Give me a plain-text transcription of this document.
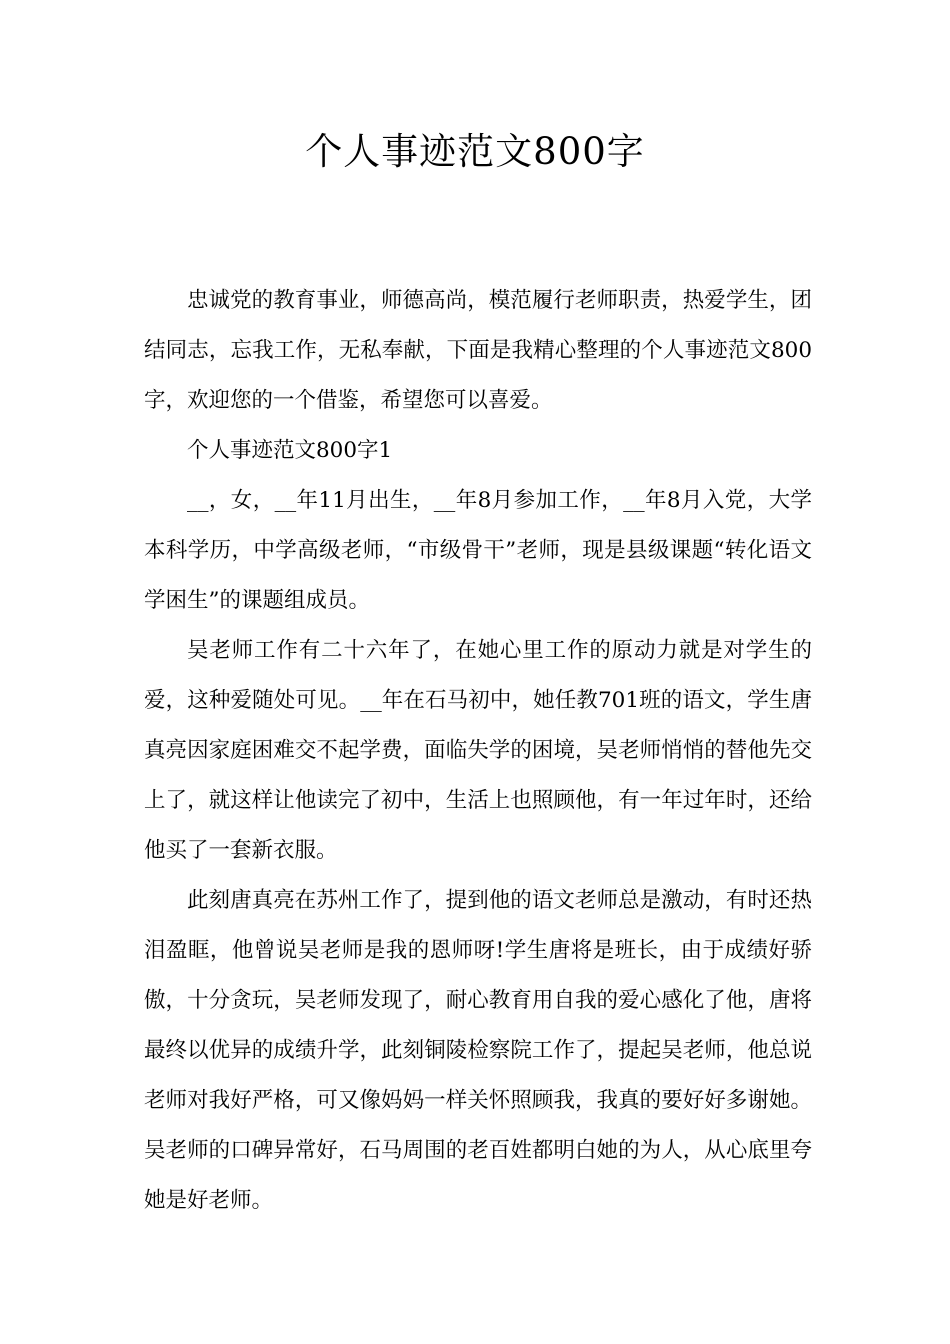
个人事迹范文800字

忠诚党的教育事业，师德高尚，模范履行老师职责，热爱学生，团结同志，忘我工作，无私奉献，下面是我精心整理的个人事迹范文800字，欢迎您的一个借鉴，希望您可以喜爱。

个人事迹范文800字1

__，女，__年11月出生，__年8月参加工作，__年8月入党，大学本科学历，中学高级老师，“市级骨干”老师，现是县级课题“转化语文学困生”的课题组成员。

吴老师工作有二十六年了，在她心里工作的原动力就是对学生的爱，这种爱随处可见。__年在石马初中，她任教701班的语文，学生唐真亮因家庭困难交不起学费，面临失学的困境，吴老师悄悄的替他先交上了，就这样让他读完了初中，生活上也照顾他，有一年过年时，还给他买了一套新衣服。

此刻唐真亮在苏州工作了，提到他的语文老师总是激动，有时还热泪盈眶，他曾说吴老师是我的恩师呀!学生唐将是班长，由于成绩好骄傲，十分贪玩，吴老师发现了，耐心教育用自我的爱心感化了他，唐将最终以优异的成绩升学，此刻铜陵检察院工作了，提起吴老师，他总说老师对我好严格，可又像妈妈一样关怀照顾我，我真的要好好多谢她。吴老师的口碑异常好，石马周围的老百姓都明白她的为人，从心底里夸她是好老师。
